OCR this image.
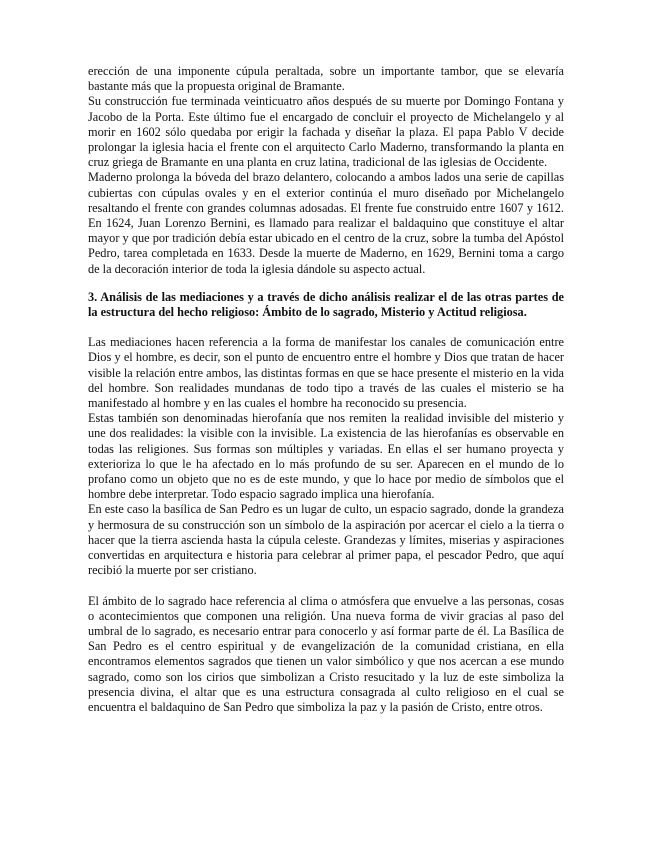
erección de una imponente cúpula peraltada, sobre un importante tambor, que se elevaría bastante más que la propuesta original de Bramante.

Su construcción fue terminada veinticuatro años después de su muerte por Domingo Fontana y Jacobo de la Porta. Este último fue el encargado de concluir el proyecto de Michelangelo y al morir en 1602 sólo quedaba por erigir la fachada y diseñar la plaza. El papa Pablo V decide prolongar la iglesia hacia el frente con el arquitecto Carlo Maderno, transformando la planta en cruz griega de Bramante en una planta en cruz latina, tradicional de las iglesias de Occidente.

Maderno prolonga la bóveda del brazo delantero, colocando a ambos lados una serie de capillas cubiertas con cúpulas ovales y en el exterior continúa el muro diseñado por Michelangelo resaltando el frente con grandes columnas adosadas. El frente fue construido entre 1607 y 1612. En 1624, Juan Lorenzo Bernini, es llamado para realizar el baldaquino que constituye el altar mayor y que por tradición debía estar ubicado en el centro de la cruz, sobre la tumba del Apóstol Pedro, tarea completada en 1633. Desde la muerte de Maderno, en 1629, Bernini toma a cargo de la decoración interior de toda la iglesia dándole su aspecto actual.

3. Análisis de las mediaciones y a través de dicho análisis realizar el de las otras partes de la estructura del hecho religioso: Ámbito de lo sagrado, Misterio y Actitud religiosa.

Las mediaciones hacen referencia a la forma de manifestar los canales de comunicación entre Dios y el hombre, es decir, son el punto de encuentro entre el hombre y Dios que tratan de hacer visible la relación entre ambos, las distintas formas en que se hace presente el misterio en la vida del hombre. Son realidades mundanas de todo tipo a través de las cuales el misterio se ha manifestado al hombre y en las cuales el hombre ha reconocido su presencia.

Estas también son denominadas hierofanía que nos remiten la realidad invisible del misterio y une dos realidades: la visible con la invisible. La existencia de las hierofanías es observable en todas las religiones. Sus formas son múltiples y variadas. En ellas el ser humano proyecta y exterioriza lo que le ha afectado en lo más profundo de su ser. Aparecen en el mundo de lo profano como un objeto que no es de este mundo, y que lo hace por medio de símbolos que el hombre debe interpretar. Todo espacio sagrado implica una hierofanía.

En este caso la basílica de San Pedro es un lugar de culto, un espacio sagrado, donde la grandeza y hermosura de su construcción son un símbolo de la aspiración por acercar el cielo a la tierra o hacer que la tierra ascienda hasta la cúpula celeste. Grandezas y límites, miserias y aspiraciones convertidas en arquitectura e historia para celebrar al primer papa, el pescador Pedro, que aquí recibió la muerte por ser cristiano.

El ámbito de lo sagrado hace referencia al clima o atmósfera que envuelve a las personas, cosas o acontecimientos que componen una religión. Una nueva forma de vivir gracias al paso del umbral de lo sagrado, es necesario entrar para conocerlo y así formar parte de él. La Basílica de San Pedro es el centro espiritual y de evangelización de la comunidad cristiana, en ella encontramos elementos sagrados que tienen un valor simbólico y que nos acercan a ese mundo sagrado, como son los cirios que simbolizan a Cristo resucitado y la luz de este simboliza la presencia divina, el altar que es una estructura consagrada al culto religioso en el cual se encuentra el baldaquino de San Pedro que simboliza la paz y la pasión de Cristo, entre otros.
